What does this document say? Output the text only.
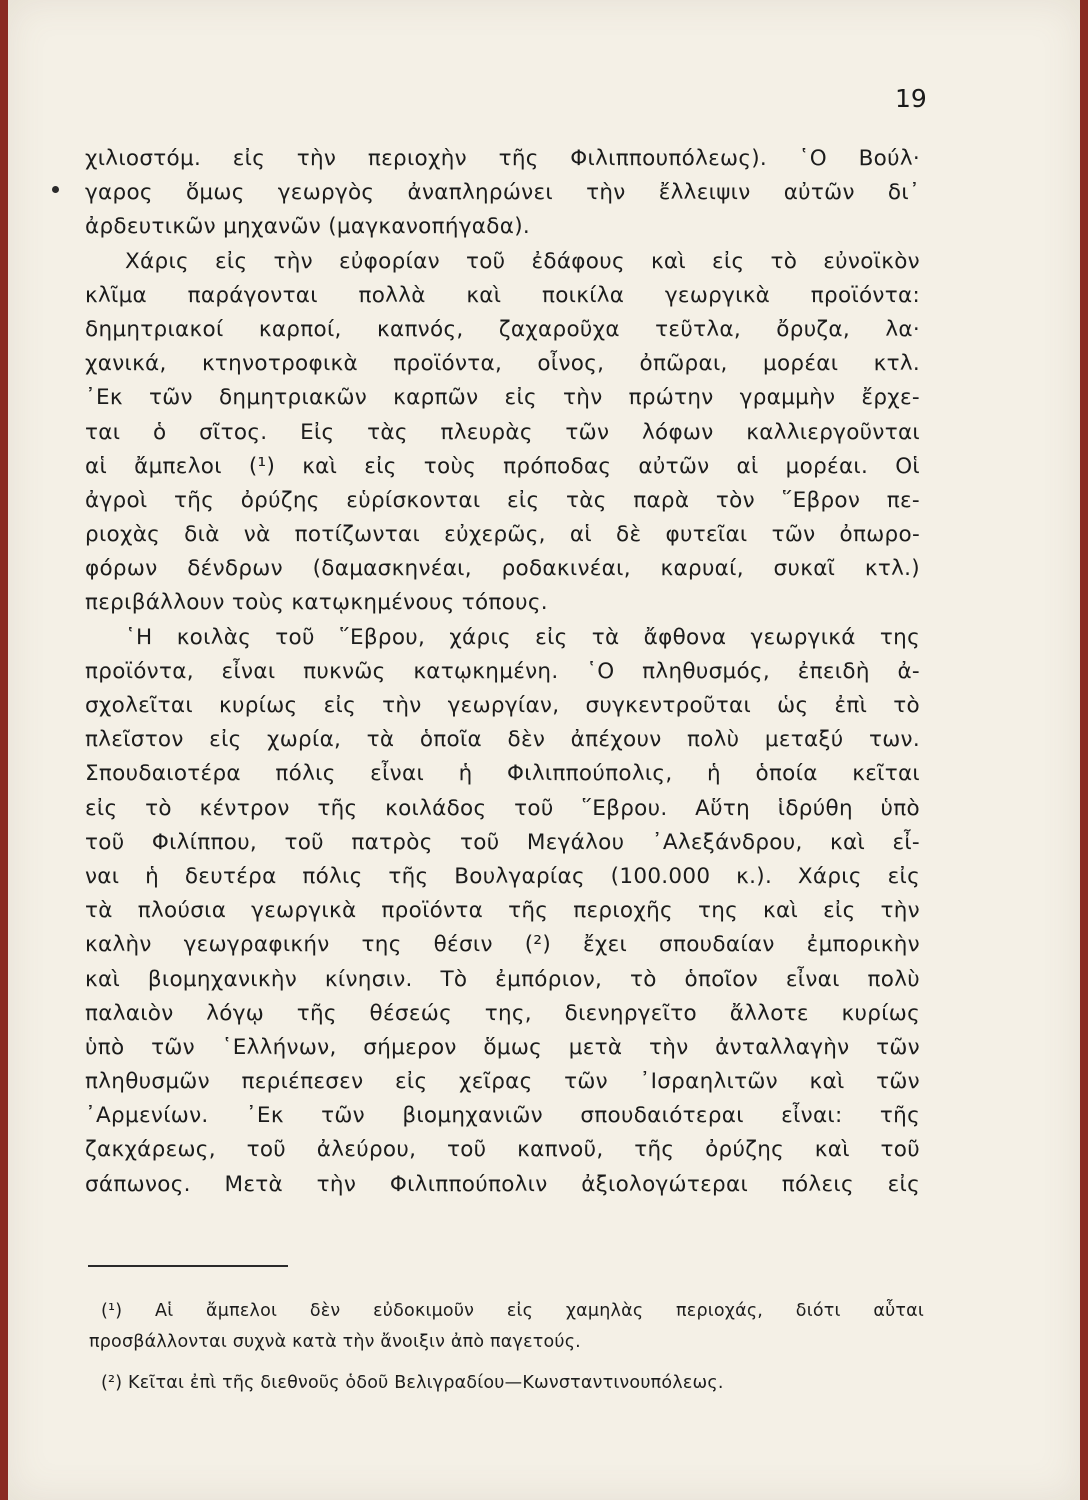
19
χιλιοστόμ. εἰς τὴν περιοχὴν τῆς Φιλιππουπόλεως). ῾Ο Βούλ·
γαρος ὅμως γεωργὸς ἀναπληρώνει τὴν ἔλλειψιν αὐτῶν δι᾿
ἀρδευτικῶν μηχανῶν (μαγκανοπήγαδα).
Χάρις εἰς τὴν εὐφορίαν τοῦ ἐδάφους καὶ εἰς τὸ εὐνοϊκὸν
κλῖμα παράγονται πολλὰ καὶ ποικίλα γεωργικὰ προϊόντα:
δημητριακοί καρποί, καπνός, ζαχαροῦχα τεῦτλα, ὄρυζα, λα·
χανικά, κτηνοτροφικὰ προϊόντα, οἶνος, ὀπῶραι, μορέαι κτλ.
᾿Εκ τῶν δημητριακῶν καρπῶν εἰς τὴν πρώτην γραμμὴν ἔρχε-
ται ὁ σῖτος. Εἰς τὰς πλευρὰς τῶν λόφων καλλιεργοῦνται
αἱ ἄμπελοι (¹) καὶ εἰς τοὺς πρόποδας αὐτῶν αἱ μορέαι. Οἱ
ἀγροὶ τῆς ὀρύζης εὑρίσκονται εἰς τὰς παρὰ τὸν ῞Εβρον πε-
ριοχὰς διὰ νὰ ποτίζωνται εὐχερῶς, αἱ δὲ φυτεῖαι τῶν ὀπωρο-
φόρων δένδρων (δαμασκηνέαι, ροδακινέαι, καρυαί, συκαῖ κτλ.)
περιβάλλουν τοὺς κατῳκημένους τόπους.
῾Η κοιλὰς τοῦ ῞Εβρου, χάρις εἰς τὰ ἄφθονα γεωργικά της
προϊόντα, εἶναι πυκνῶς κατῳκημένη. ῾Ο πληθυσμός, ἐπειδὴ ἀ-
σχολεῖται κυρίως εἰς τὴν γεωργίαν, συγκεντροῦται ὡς ἐπὶ τὸ
πλεῖστον εἰς χωρία, τὰ ὁποῖα δὲν ἀπέχουν πολὺ μεταξύ των.
Σπουδαιοτέρα πόλις εἶναι ἡ Φιλιππούπολις, ἡ ὁποία κεῖται
εἰς τὸ κέντρον τῆς κοιλάδος τοῦ ῞Εβρου. Αὕτη ἱδρύθη ὑπὸ
τοῦ Φιλίππου, τοῦ πατρὸς τοῦ Μεγάλου ᾿Αλεξάνδρου, καὶ εἶ-
ναι ἡ δευτέρα πόλις τῆς Βουλγαρίας (100.000 κ.). Χάρις εἰς
τὰ πλούσια γεωργικὰ προϊόντα τῆς περιοχῆς της καὶ εἰς τὴν
καλὴν γεωγραφικήν της θέσιν (²) ἔχει σπουδαίαν ἐμπορικὴν
καὶ βιομηχανικὴν κίνησιν. Τὸ ἐμπόριον, τὸ ὁποῖον εἶναι πολὺ
παλαιὸν λόγῳ τῆς θέσεώς της, διενηργεῖτο ἄλλοτε κυρίως
ὑπὸ τῶν ῾Ελλήνων, σήμερον ὅμως μετὰ τὴν ἀνταλλαγὴν τῶν
πληθυσμῶν περιέπεσεν εἰς χεῖρας τῶν ᾿Ισραηλιτῶν καὶ τῶν
᾿Αρμενίων. ᾿Εκ τῶν βιομηχανιῶν σπουδαιότεραι εἶναι: τῆς
ζακχάρεως, τοῦ ἀλεύρου, τοῦ καπνοῦ, τῆς ὀρύζης καὶ τοῦ
σάπωνος. Μετὰ τὴν Φιλιππούπολιν ἀξιολογώτεραι πόλεις εἰς
(¹) Αἱ ἄμπελοι δὲν εὐδοκιμοῦν εἰς χαμηλὰς περιοχάς, διότι αὗται
προσβάλλονται συχνὰ κατὰ τὴν ἄνοιξιν ἀπὸ παγετούς.
(²) Κεῖται ἐπὶ τῆς διεθνοῦς ὁδοῦ Βελιγραδίου—Κωνσταντινουπόλεως.
